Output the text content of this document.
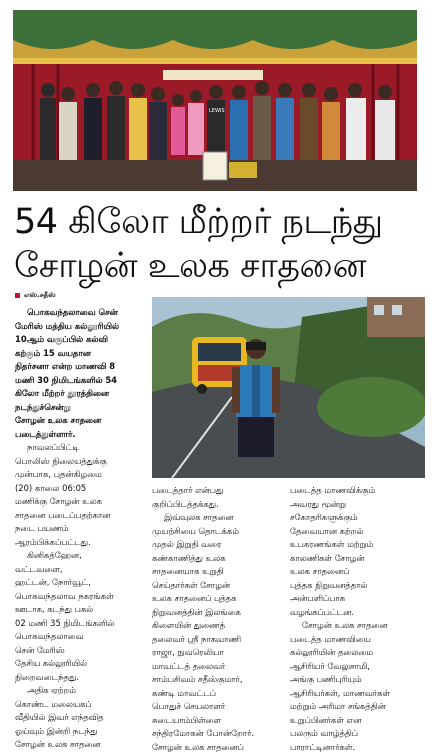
LEWIS
54 கிலோ மீற்றர் நடந்து
சோழன் உலக சாதனை
எஸ்.சதீஸ்
பொகவந்தலாவை சென்
மேரிஸ் மத்திய கல்லூரியில்
10ஆம் வகுப்பில் கல்வி
கற்கும் 15 வயதான
நிதர்சனா என்ற மாணவி 8
மணி 30 நிமிடங்களில் 54
கிலோ மீற்றர் தூரத்தினை
நடந்துச்சென்று
சோழன் உலக சாதனை
படைத்துள்ளார்.
நாவலப்பிட்டி
பொலிஸ் நிலையத்துக்கு
முன்பாக, புதன்கிழமை
(20) காலை 06:05
மணிக்கு சோழன் உலக
சாதனை படைப்பதற்கான
நடை பயணம்
ஆரம்பிக்கப்பட்டது.
கினிகத்ஹேன,
வட்டவளை,
ஹட்டன், நோர்வூட்,
பொகவந்தலாவ நகரங்கள்
ஊடாக, கடந்து பகல்
02 மணி 35 நிமிடங்களில்
பொகவந்தலாவை
சென் மேரிஸ்
தேசிய கல்லூரியில்
நிறைவடைந்தது.
அதிக ஏற்றம்
கொண்ட மலையகப்
வீதியில் இவர் எந்தவித
ஓய்வும் இன்றி நடந்து
சோழன் உலக சாதனை
படைத்தார் என்பது
குறிப்பிடத்தக்கது.
இவ்வுலக சாதனை
முயற்சியை தொடக்கம்
முதல் இறுதி வரை
கண்காணித்து உலக
சாதனையாக உறுதி
செய்தார்கள் சோழன்
உலக சாதனைப் புத்தக
நிறுவனத்தின் இலங்கை
கிளையின் துணைத்
தலைவர் ஸ்ரீ நாகவாணி
ராஜா, நுவரெலியா
மாவட்டத் தலைவர்
சாம்பசிவம் சதீஸ்குமார்,
கண்டி மாவட்டப்
பொதுச் செயலாளர்
சுடையாம்பிள்ளை
சந்திரமோகன் போன்றோர்.
சோழன் உலக சாதனைப்
படைத்த மாணவிக்கும்
அவரது மூன்று
சகோதரிகளுக்கும்
தேவையான கற்றல்
உபகரணங்கள் மற்றும்
காலணிகள் சோழன்
உலக சாதனைப்
புத்தக நிறுவனத்தால்
அன்பளிப்பாக
வழங்கப்பட்டன.
சோழன் உலக சாதனை
படைத்த மாணவியை
கல்லூரியின் தலைமை
ஆசிரியர் வேலுசாமி,
அங்கு பணிபுரியும்
ஆசிரியர்கள், மாணவர்கள்
மற்றும் அரிமா சங்கத்தின்
உறுப்பினர்கள் என
பலரும் வாழ்த்திப்
பாராட்டினார்கள்.
